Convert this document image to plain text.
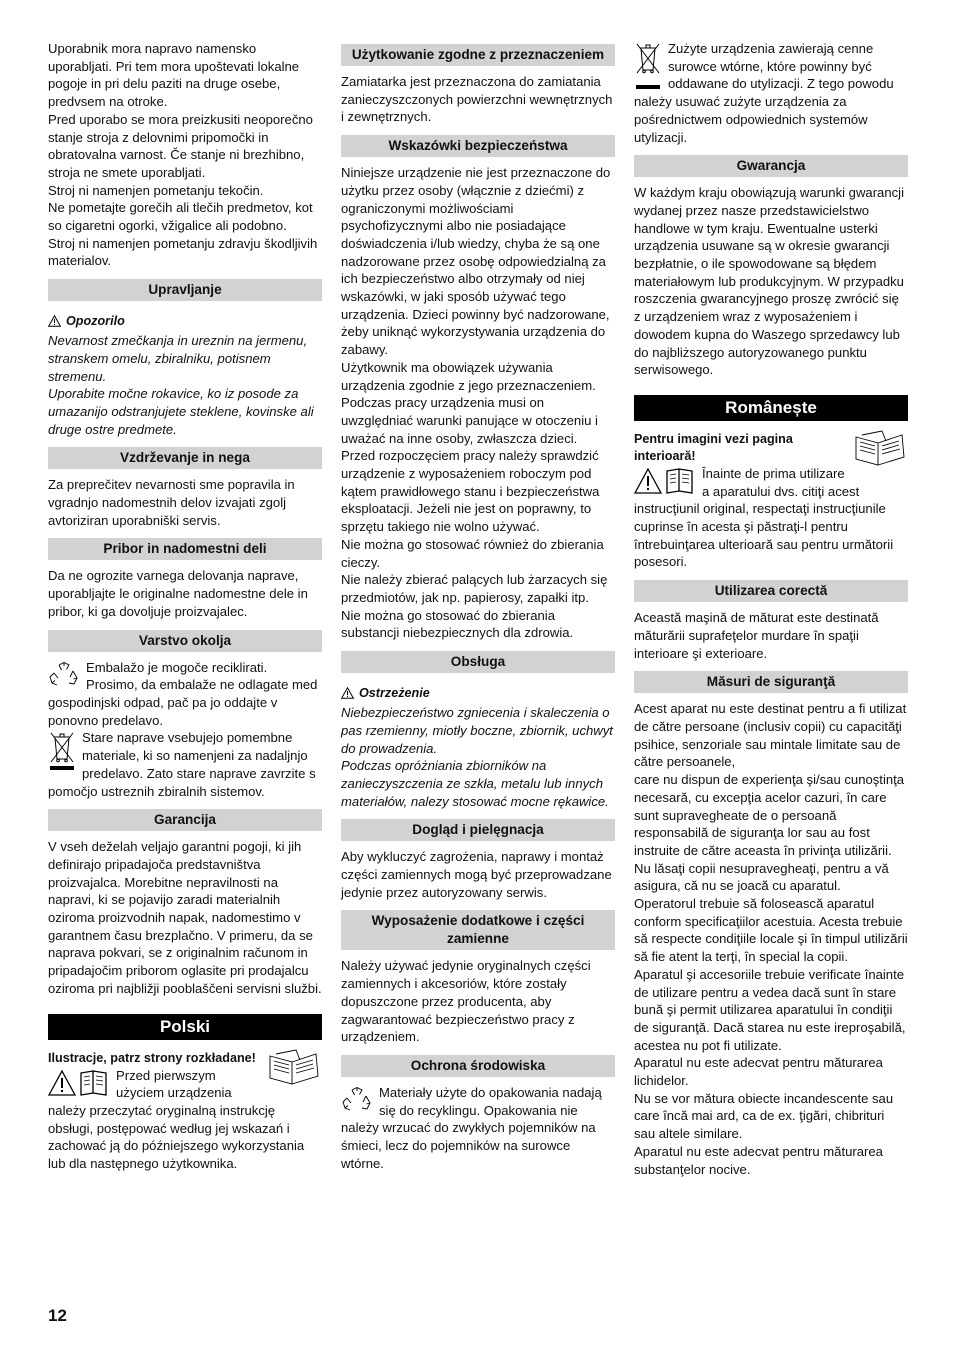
Uporabnik mora napravo namensko uporabljati. Pri tem mora upoštevati lokalne pogoje in pri delu paziti na druge osebe, predvsem na otroke.

Pred uporabo se mora preizkusiti neoporečno stanje stroja z delovnimi pripomočki in obratovalna varnost. Če stanje ni brezhibno, stroja ne smete uporabljati.

Stroj ni namenjen pometanju tekočin.

Ne pometajte gorečih ali tlečih predmetov, kot so cigaretni ogorki, vžigalice ali podobno.

Stroj ni namenjen pometanju zdravju škodljivih materialov.

Upravljanje
Opozorilo

Nevarnost zmečkanja in ureznin na jermenu, stranskem omelu, zbiralniku, potisnem stremenu.

Uporabite močne rokavice, ko iz posode za umazanijo odstranjujete steklene, kovinske ali druge ostre predmete.

Vzdrževanje in nega

Za preprečitev nevarnosti sme popravila in vgradnjo nadomestnih delov izvajati zgolj avtoriziran uporabniški servis.

Pribor in nadomestni deli

Da ne ogrozite varnega delovanja naprave, uporabljajte le originalne nadomestne dele in pribor, ki ga dovoljuje proizvajalec.

Varstvo okolja

Embalažo je mogoče reciklirati. Prosimo, da embalaže ne odlagate med gospodinjski odpad, pač pa jo oddajte v ponovno predelavo.

Stare naprave vsebujejo pomembne materiale, ki so namenjeni za nadaljnjo predelavo. Zato stare naprave zavrzite s pomočjo ustreznih zbiralnih sistemov.

Garancija

V vseh deželah veljajo garantni pogoji, ki jih definirajo pripadajoča predstavništva proizvajalca. Morebitne nepravilnosti na napravi, ki se pojavijo zaradi materialnih oziroma proizvodnih napak, nadomestimo v garantnem času brezplačno. V primeru, da se naprava pokvari, se z originalnim računom in pripadajočim priborom oglasite pri prodajalcu oziroma pri najbližji pooblaščeni servisni službi.

Polski

Ilustracje, patrz strony rozkładane!

Przed pierwszym użyciem urządzenia należy przeczytać oryginalną instrukcję obsługi, postępować według jej wskazań i zachować ją do późniejszego wykorzystania lub dla następnego użytkownika.

Użytkowanie zgodne z przeznaczeniem

Zamiatarka jest przeznaczona do zamiatania zanieczyszczonych powierzchni wewnętrznych i zewnętrznych.

Wskazówki bezpieczeństwa

Niniejsze urządzenie nie jest przeznaczone do użytku przez osoby (włącznie z dziećmi) z ograniczonymi możliwościami psychofizycznymi albo nie posiadające doświadczenia i/lub wiedzy, chyba że są one nadzorowane przez osobę odpowiedzialną za ich bezpieczeństwo albo otrzymały od niej wskazówki, w jaki sposób używać tego urządzenia. Dzieci powinny być nadzorowane, żeby uniknąć wykorzystywania urządzenia do zabawy.

Użytkownik ma obowiązek używania urządzenia zgodnie z jego przeznaczeniem. Podczas pracy urządzenia musi on uwzględniać warunki panujące w otoczeniu i uważać na inne osoby, zwłaszcza dzieci.

Przed rozpoczęciem pracy należy sprawdzić urządzenie z wyposażeniem roboczym pod kątem prawidłowego stanu i bezpieczeństwa eksploatacji. Jeżeli nie jest on poprawny, to sprzętu takiego nie wolno używać.

Nie można go stosować również do zbierania cieczy.

Nie należy zbierać palących lub żarzacych się przedmiotów, jak np. papierosy, zapałki itp.

Nie można go stosować do zbierania substancji niebezpiecznych dla zdrowia.

Obsługa
Ostrzeżenie

Niebezpieczeństwo zgniecenia i skaleczenia o pas rzemienny, miotły boczne, zbiornik, uchwyt do prowadzenia.

Podczas opróżniania zbiorników na zanieczyszczenia ze szkła, metalu lub innych materiałów, nalezy stosować mocne rękawice.

Dogląd i pielęgnacja

Aby wykluczyć zagrożenia, naprawy i montaż części zamiennych mogą być przeprowadzane jedynie przez autoryzowany serwis.

Wyposażenie dodatkowe i części zamienne

Należy używać jedynie oryginalnych części zamiennych i akcesoriów, które zostały dopuszczone przez producenta, aby zagwarantować bezpieczeństwo pracy z urządzeniem.

Ochrona środowiska

Materiały użyte do opakowania nadają się do recyklingu. Opakowania nie należy wrzucać do zwykłych pojemników na śmieci, lecz do pojemników na surowce wtórne.

Zużyte urządzenia zawierają cenne surowce wtórne, które powinny być oddawane do utylizacji. Z tego powodu należy usuwać zużyte urządzenia za pośrednictwem odpowiednich systemów utylizacji.

Gwarancja

W każdym kraju obowiązują warunki gwarancji wydanej przez nasze przedstawicielstwo handlowe w tym kraju. Ewentualne usterki urządzenia usuwane są w okresie gwarancji bezpłatnie, o ile spowodowane są błędem materiałowym lub produkcyjnym. W przypadku roszczenia gwarancyjnego proszę zwrócić się z urządzeniem wraz z wyposażeniem i dowodem kupna do Waszego sprzedawcy lub do najbliższego autoryzowanego punktu serwisowego.

Românește

Pentru imagini vezi pagina interioară!

Înainte de prima utilizare a aparatului dvs. citiţi acest instrucţiunil original, respectaţi instrucţiunile cuprinse în acesta şi păstraţi-l pentru întrebuinţarea ulterioară sau pentru următorii posesori.

Utilizarea corectă

Această maşină de măturat este destinată măturării suprafeţelor murdare în spaţii interioare şi exterioare.

Măsuri de siguranţă

Acest aparat nu este destinat pentru a fi utilizat de către persoane (inclusiv copii) cu capacităţi psihice, senzoriale sau mintale limitate sau de către persoanele,

care nu dispun de experienţa şi/sau cunoştinţa necesară, cu excepţia acelor cazuri, în care sunt supravegheate de o persoană responsabilă de siguranţa lor sau au fost instruite de către aceasta în privinţa utilizării. Nu lăsaţi copii nesupravegheaţi, pentru a vă asigura, că nu se joacă cu aparatul.

Operatorul trebuie să folosească aparatul conform specificaţiilor acestuia. Acesta trebuie să respecte condiţiile locale şi în timpul utilizării să fie atent la terţi, în special la copii.

Aparatul şi accesoriile trebuie verificate înainte de utilizare pentru a vedea dacă sunt în stare bună şi permit utilizarea aparatului în condiţii de siguranţă. Dacă starea nu este ireproşabilă, acestea nu pot fi utilizate.

Aparatul nu este adecvat pentru măturarea lichidelor.

Nu se vor mătura obiecte incandescente sau care încă mai ard, ca de ex. ţigări, chibrituri sau altele similare.

Aparatul nu este adecvat pentru măturarea substanţelor nocive.

12
